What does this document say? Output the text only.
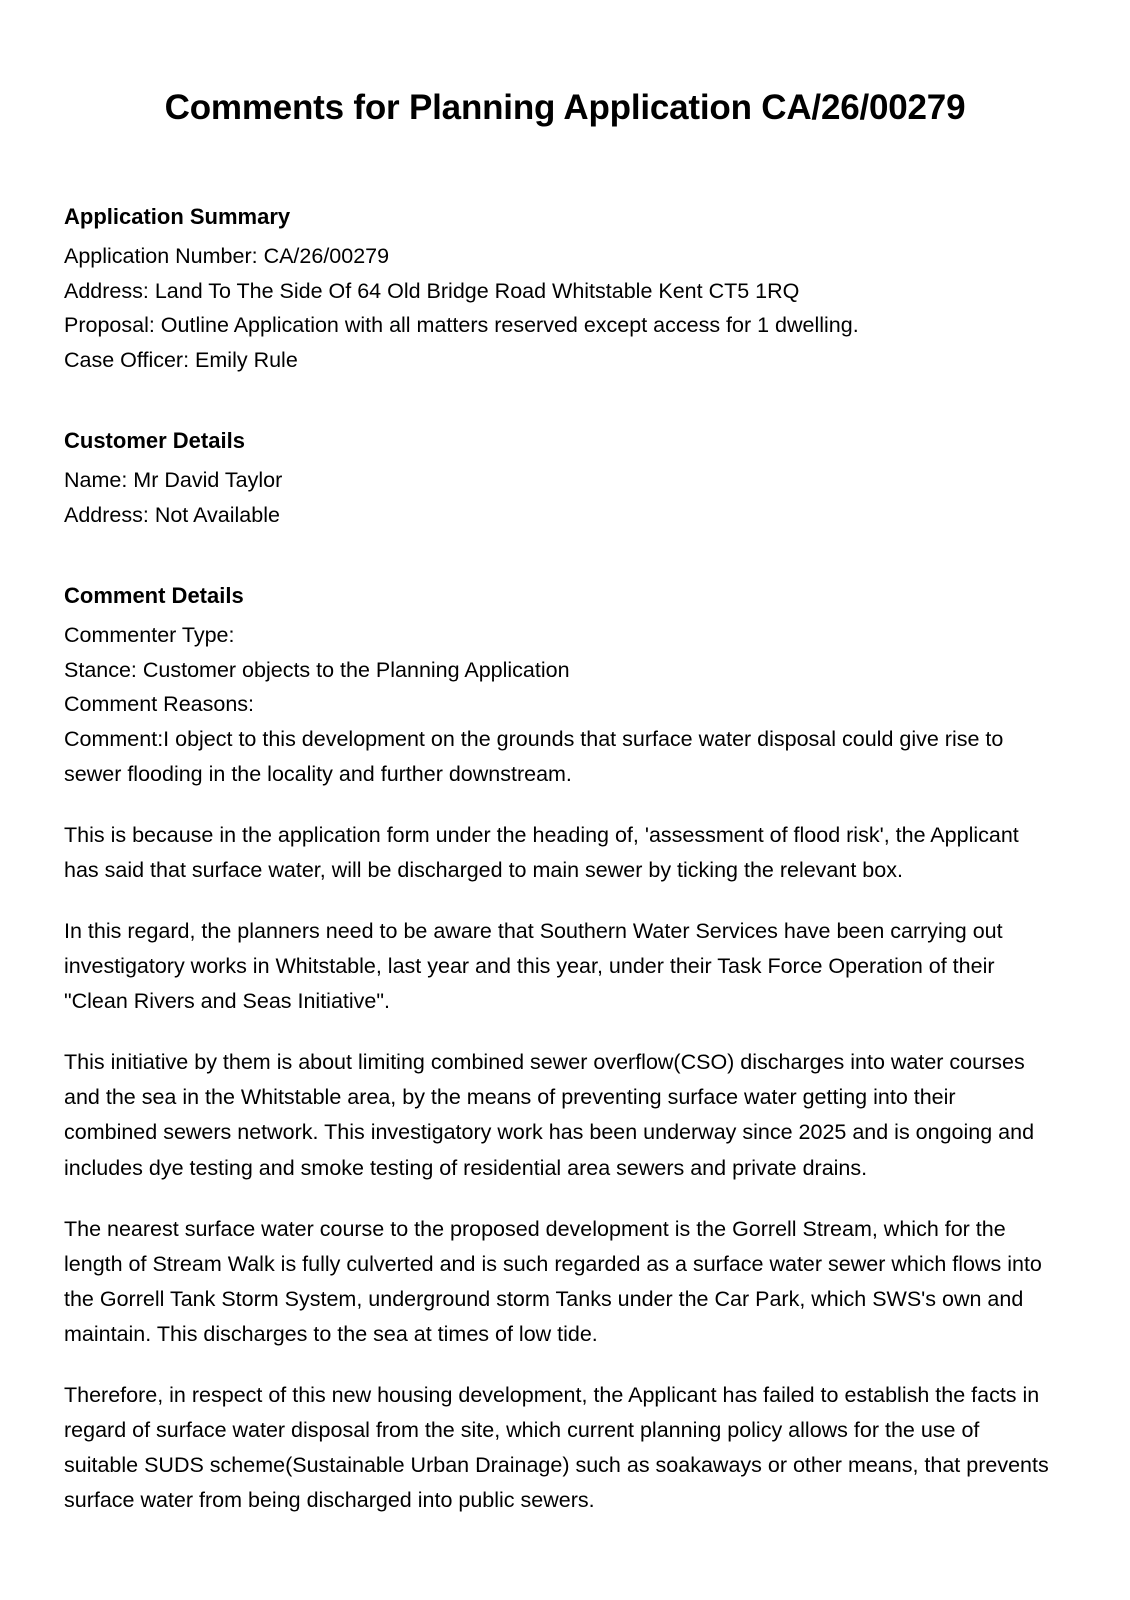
Comments for Planning Application CA/26/00279
Application Summary

Application Number: CA/26/00279

Address: Land To The Side Of 64 Old Bridge Road Whitstable Kent CT5 1RQ

Proposal: Outline Application with all matters reserved except access for 1 dwelling.

Case Officer: Emily Rule

Customer Details

Name: Mr David Taylor

Address: Not Available

Comment Details

Commenter Type:

Stance: Customer objects to the Planning Application

Comment Reasons:

Comment:I object to this development on the grounds that surface water disposal could give rise to sewer flooding in the locality and further downstream.

This is because in the application form under the heading of, 'assessment of flood risk', the Applicant has said that surface water, will be discharged to main sewer by ticking the relevant box.

In this regard, the planners need to be aware that Southern Water Services have been carrying out investigatory works in Whitstable, last year and this year, under their Task Force Operation of their "Clean Rivers and Seas Initiative".

This initiative by them is about limiting combined sewer overflow(CSO) discharges into water courses and the sea in the Whitstable area, by the means of preventing surface water getting into their combined sewers network. This investigatory work has been underway since 2025 and is ongoing and includes dye testing and smoke testing of residential area sewers and private drains.

The nearest surface water course to the proposed development is the Gorrell Stream, which for the length of Stream Walk is fully culverted and is such regarded as a surface water sewer which flows into the Gorrell Tank Storm System, underground storm Tanks under the Car Park, which SWS's own and maintain. This discharges to the sea at times of low tide.

Therefore, in respect of this new housing development, the Applicant has failed to establish the facts in regard of surface water disposal from the site, which current planning policy allows for the use of suitable SUDS scheme(Sustainable Urban Drainage) such as soakaways or other means, that prevents surface water from being discharged into public sewers.
